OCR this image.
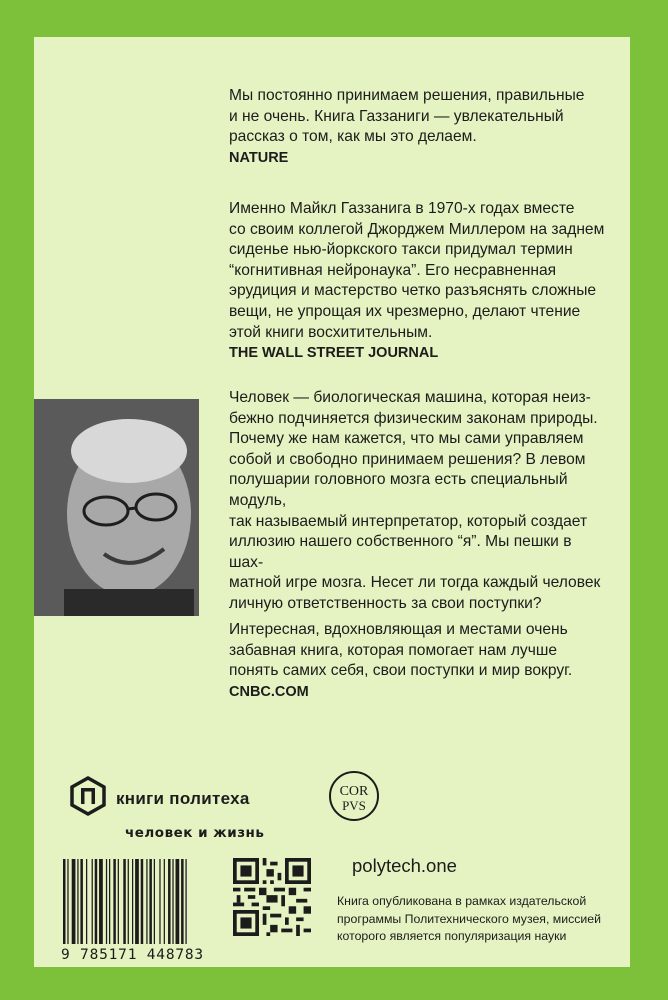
Мы постоянно принимаем решения, правильные

и не очень. Книга Газзаниги — увлекательный

рассказ о том, как мы это делаем.

NATURE

Именно Майкл Газзанига в 1970-х годах вместе

со своим коллегой Джорджем Миллером на заднем

сиденье нью-йоркского такси придумал термин

“когнитивная нейронаука”. Его несравненная

эрудиция и мастерство четко разъяснять сложные

вещи, не упрощая их чрезмерно, делают чтение

этой книги восхитительным.

THE WALL STREET JOURNAL

Человек — биологическая машина, которая неиз-

бежно подчиняется физическим законам природы.

Почему же нам кажется, что мы сами управляем

собой и свободно принимаем решения? В левом

полушарии головного мозга есть специальный модуль,

так называемый интерпретатор, который создает

иллюзию нашего собственного “я”. Мы пешки в шах-

матной игре мозга. Несет ли тогда каждый человек

личную ответственность за свои поступки?

Интересная, вдохновляющая и местами очень

забавная книга, которая помогает нам лучше

понять самих себя, свои поступки и мир вокруг.

CNBC.COM

книги политеха
человек и жизнь
COR
PVS
9 785171 448783
polytech.one
Книга опубликована в рамках издательской
программы Политехнического музея, миссией
которого является популяризация науки
